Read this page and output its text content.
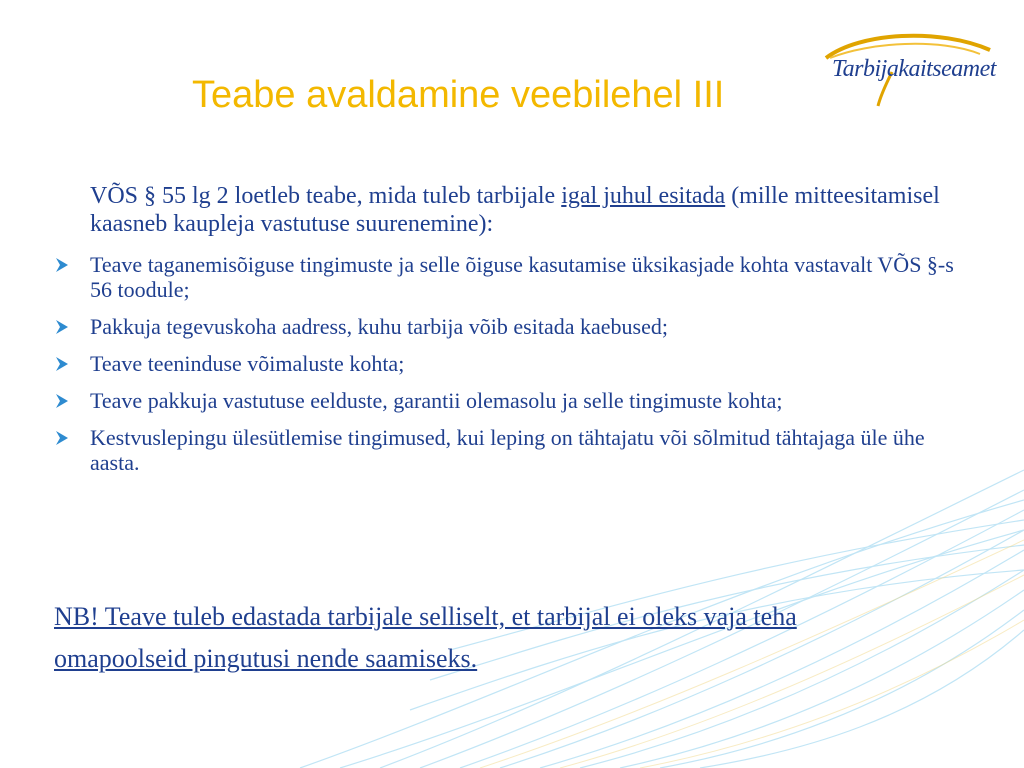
Tarbijakaitseamet
Teabe avaldamine veebilehel III

VÕS § 55 lg 2 loetleb teabe, mida tuleb tarbijale igal juhul esitada (mille mitteesitamisel kaasneb kaupleja vastutuse suurenemine):

Teave taganemisõiguse tingimuste ja selle õiguse kasutamise üksikasjade kohta vastavalt VÕS §-s 56 toodule;
Pakkuja tegevuskoha aadress, kuhu tarbija võib esitada kaebused;
Teave teeninduse võimaluste kohta;
Teave pakkuja vastutuse eelduste, garantii olemasolu ja selle tingimuste kohta;
Kestvuslepingu ülesütlemise tingimused, kui leping on tähtajatu või sõlmitud tähtajaga üle ühe aasta.
NB! Teave tuleb edastada tarbijale selliselt, et tarbijal ei oleks vaja teha omapoolseid pingutusi nende saamiseks.
